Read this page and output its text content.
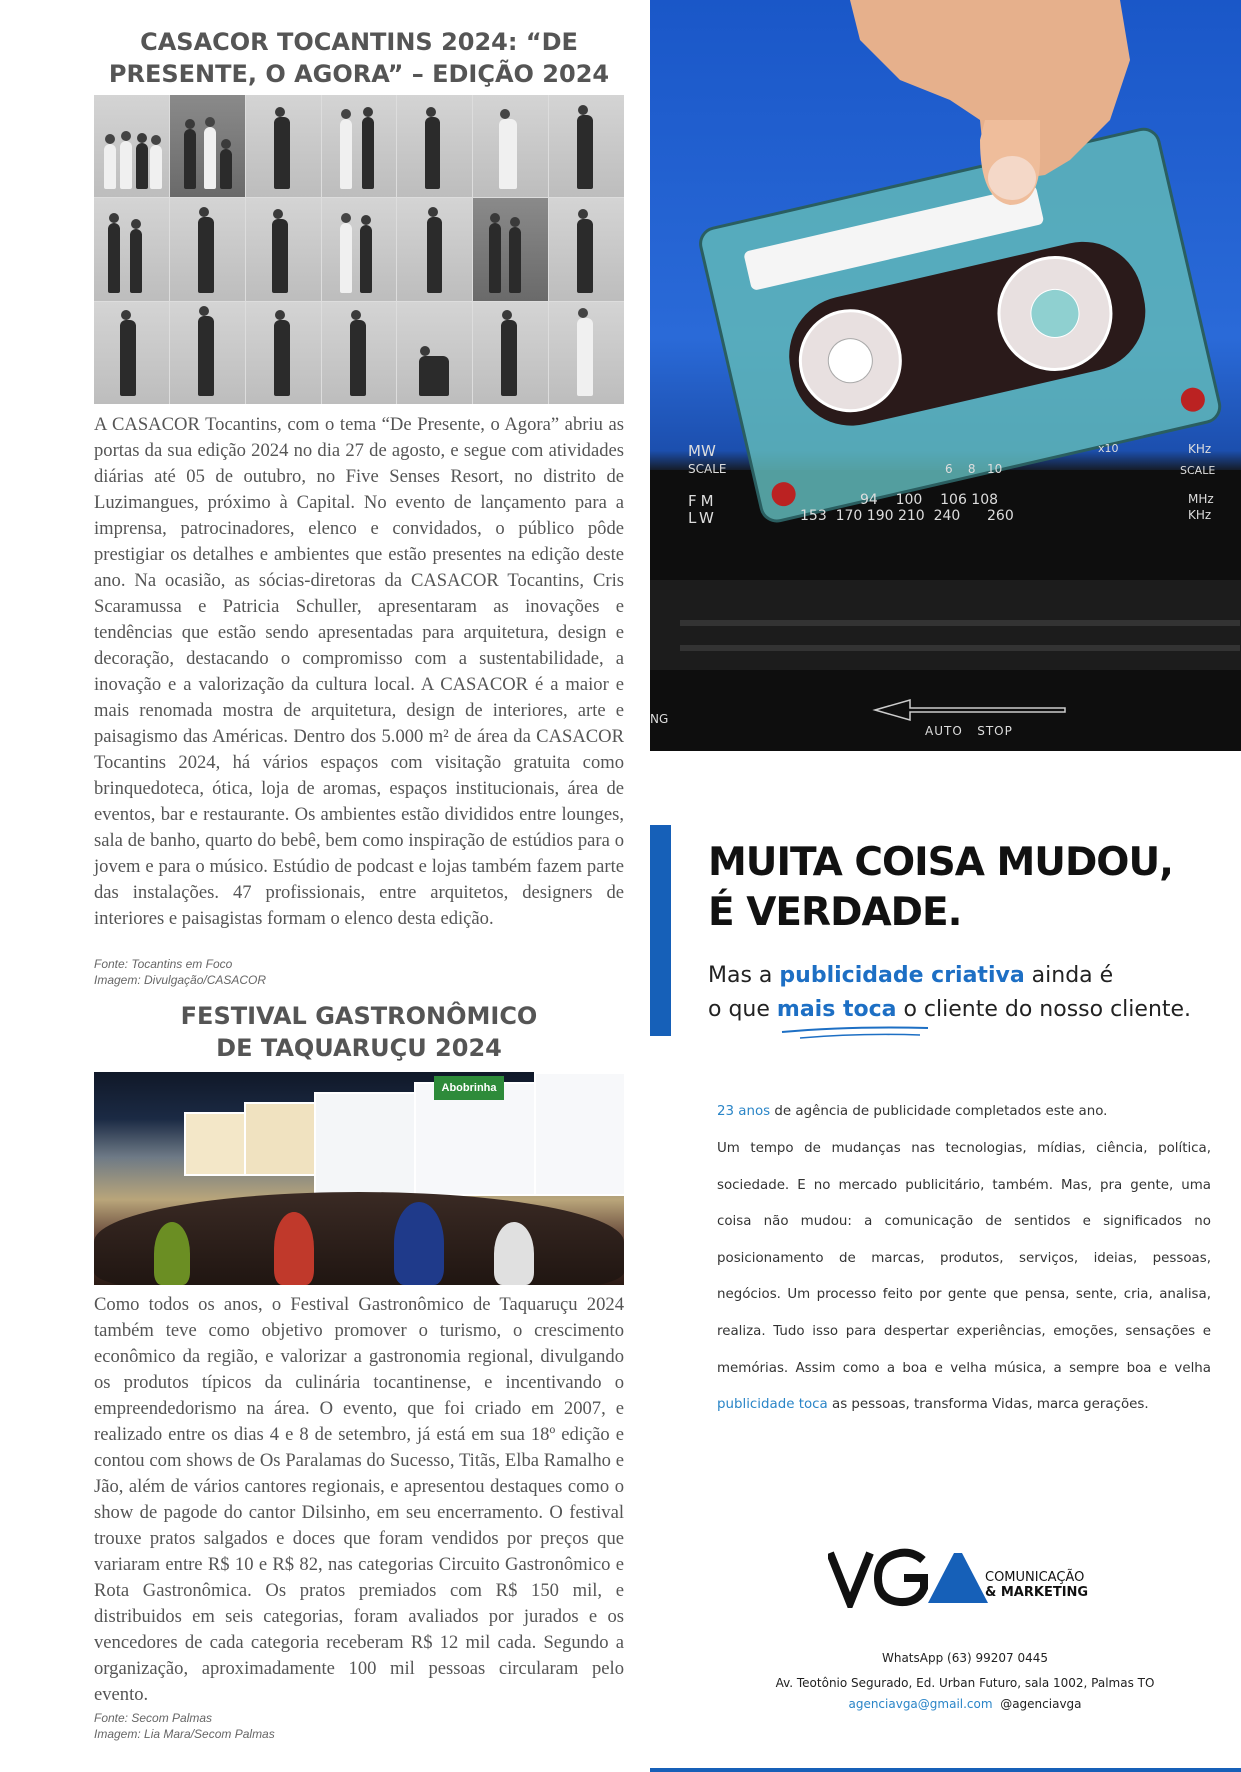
CASACOR TOCANTINS 2024: “DE
PRESENTE, O AGORA” – EDIÇÃO 2024
A CASACOR Tocantins, com o tema “De Presente, o Agora” abriu as portas da sua edição 2024 no dia 27 de agosto, e segue com atividades diárias até 05 de outubro, no Five Senses Resort, no distrito de Luzimangues, próximo à Capital. No evento de lançamento para a imprensa, patrocinadores, elenco e convidados, o público pôde prestigiar os detalhes e ambientes que estão presentes na edição deste ano. Na ocasião, as sócias-diretoras da CASACOR Tocantins, Cris Scaramussa e Patricia Schuller, apresentaram as inovações e tendências que estão sendo apresentadas para arquitetura, design e decoração, destacando o compromisso com a sustentabilidade, a inovação e a valorização da cultura local. A CASACOR é a maior e mais renomada mostra de arquitetura, design de interiores, arte e paisagismo das Américas. Dentro dos 5.000 m² de área da CASACOR Tocantins 2024, há vários espaços com visitação gratuita como brinquedoteca, ótica, loja de aromas, espaços institucionais, área de eventos, bar e restaurante. Os ambientes estão divididos entre lounges, sala de banho, quarto do bebê, bem como inspiração de estúdios para o jovem e para o músico. Estúdio de podcast e lojas também fazem parte das instalações. 47 profissionais, entre arquitetos, designers de interiores e paisagistas formam o elenco desta edição.
Fonte: Tocantins em Foco
Imagem: Divulgação/CASACOR
FESTIVAL GASTRONÔMICO
DE TAQUARUÇU 2024
Abobrinha
Como todos os anos, o Festival Gastronômico de Taquaruçu 2024 também teve como objetivo promover o turismo, o crescimento econômico da região, e valorizar a gastronomia regional, divulgando os produtos típicos da culinária tocantinense, e incentivando o empreendedorismo na área. O evento, que foi criado em 2007, e realizado entre os dias 4 e 8 de setembro, já está em sua 18º edição e contou com shows de Os Paralamas do Sucesso, Titãs, Elba Ramalho e Jão, além de vários cantores regionais, e apresentou destaques como o show de pagode do cantor Dilsinho, em seu encerramento. O festival trouxe pratos salgados e doces que foram vendidos por preços que variaram entre R$ 10 e R$ 82, nas categorias Circuito Gastronômico e Rota Gastronômica. Os pratos premiados com R$ 150 mil, e distribuidos em seis categorias, foram avaliados por jurados e os vencedores de cada categoria receberam R$ 12 mil cada. Segundo a organização, aproximadamente 100 mil pessoas circularam pelo evento.
Fonte: Secom Palmas
Imagem: Lia Mara/Secom Palmas
MW
SCALE
FM
LW
6    8   10
x10
94    100    106 108
153  170 190 210  240      260
KHz
SCALE
MHz
KHz
AUTO   STOP
NG
MUITA COISA MUDOU,
É VERDADE.
Mas a publicidade criativa ainda é
o que mais toca o cliente do nosso cliente.
23 anos de agência de publicidade completados este ano.
Um tempo de mudanças nas tecnologias, mídias, ciência, política, sociedade. E no mercado publicitário, também. Mas, pra gente, uma coisa não mudou: a comunicação de sentidos e significados no posicionamento de marcas, produtos, serviços, ideias, pessoas, negócios. Um processo feito por gente que pensa, sente, cria, analisa, realiza. Tudo isso para despertar experiências, emoções, sensações e memórias. Assim como a boa e velha música, a sempre boa e velha publicidade toca as pessoas, transforma Vidas, marca gerações.
COMUNICAÇÃO
& MARKETING
WhatsApp (63) 99207 0445
Av. Teotônio Segurado, Ed. Urban Futuro, sala 1002, Palmas TO
agenciavga@gmail.com @agenciavga
